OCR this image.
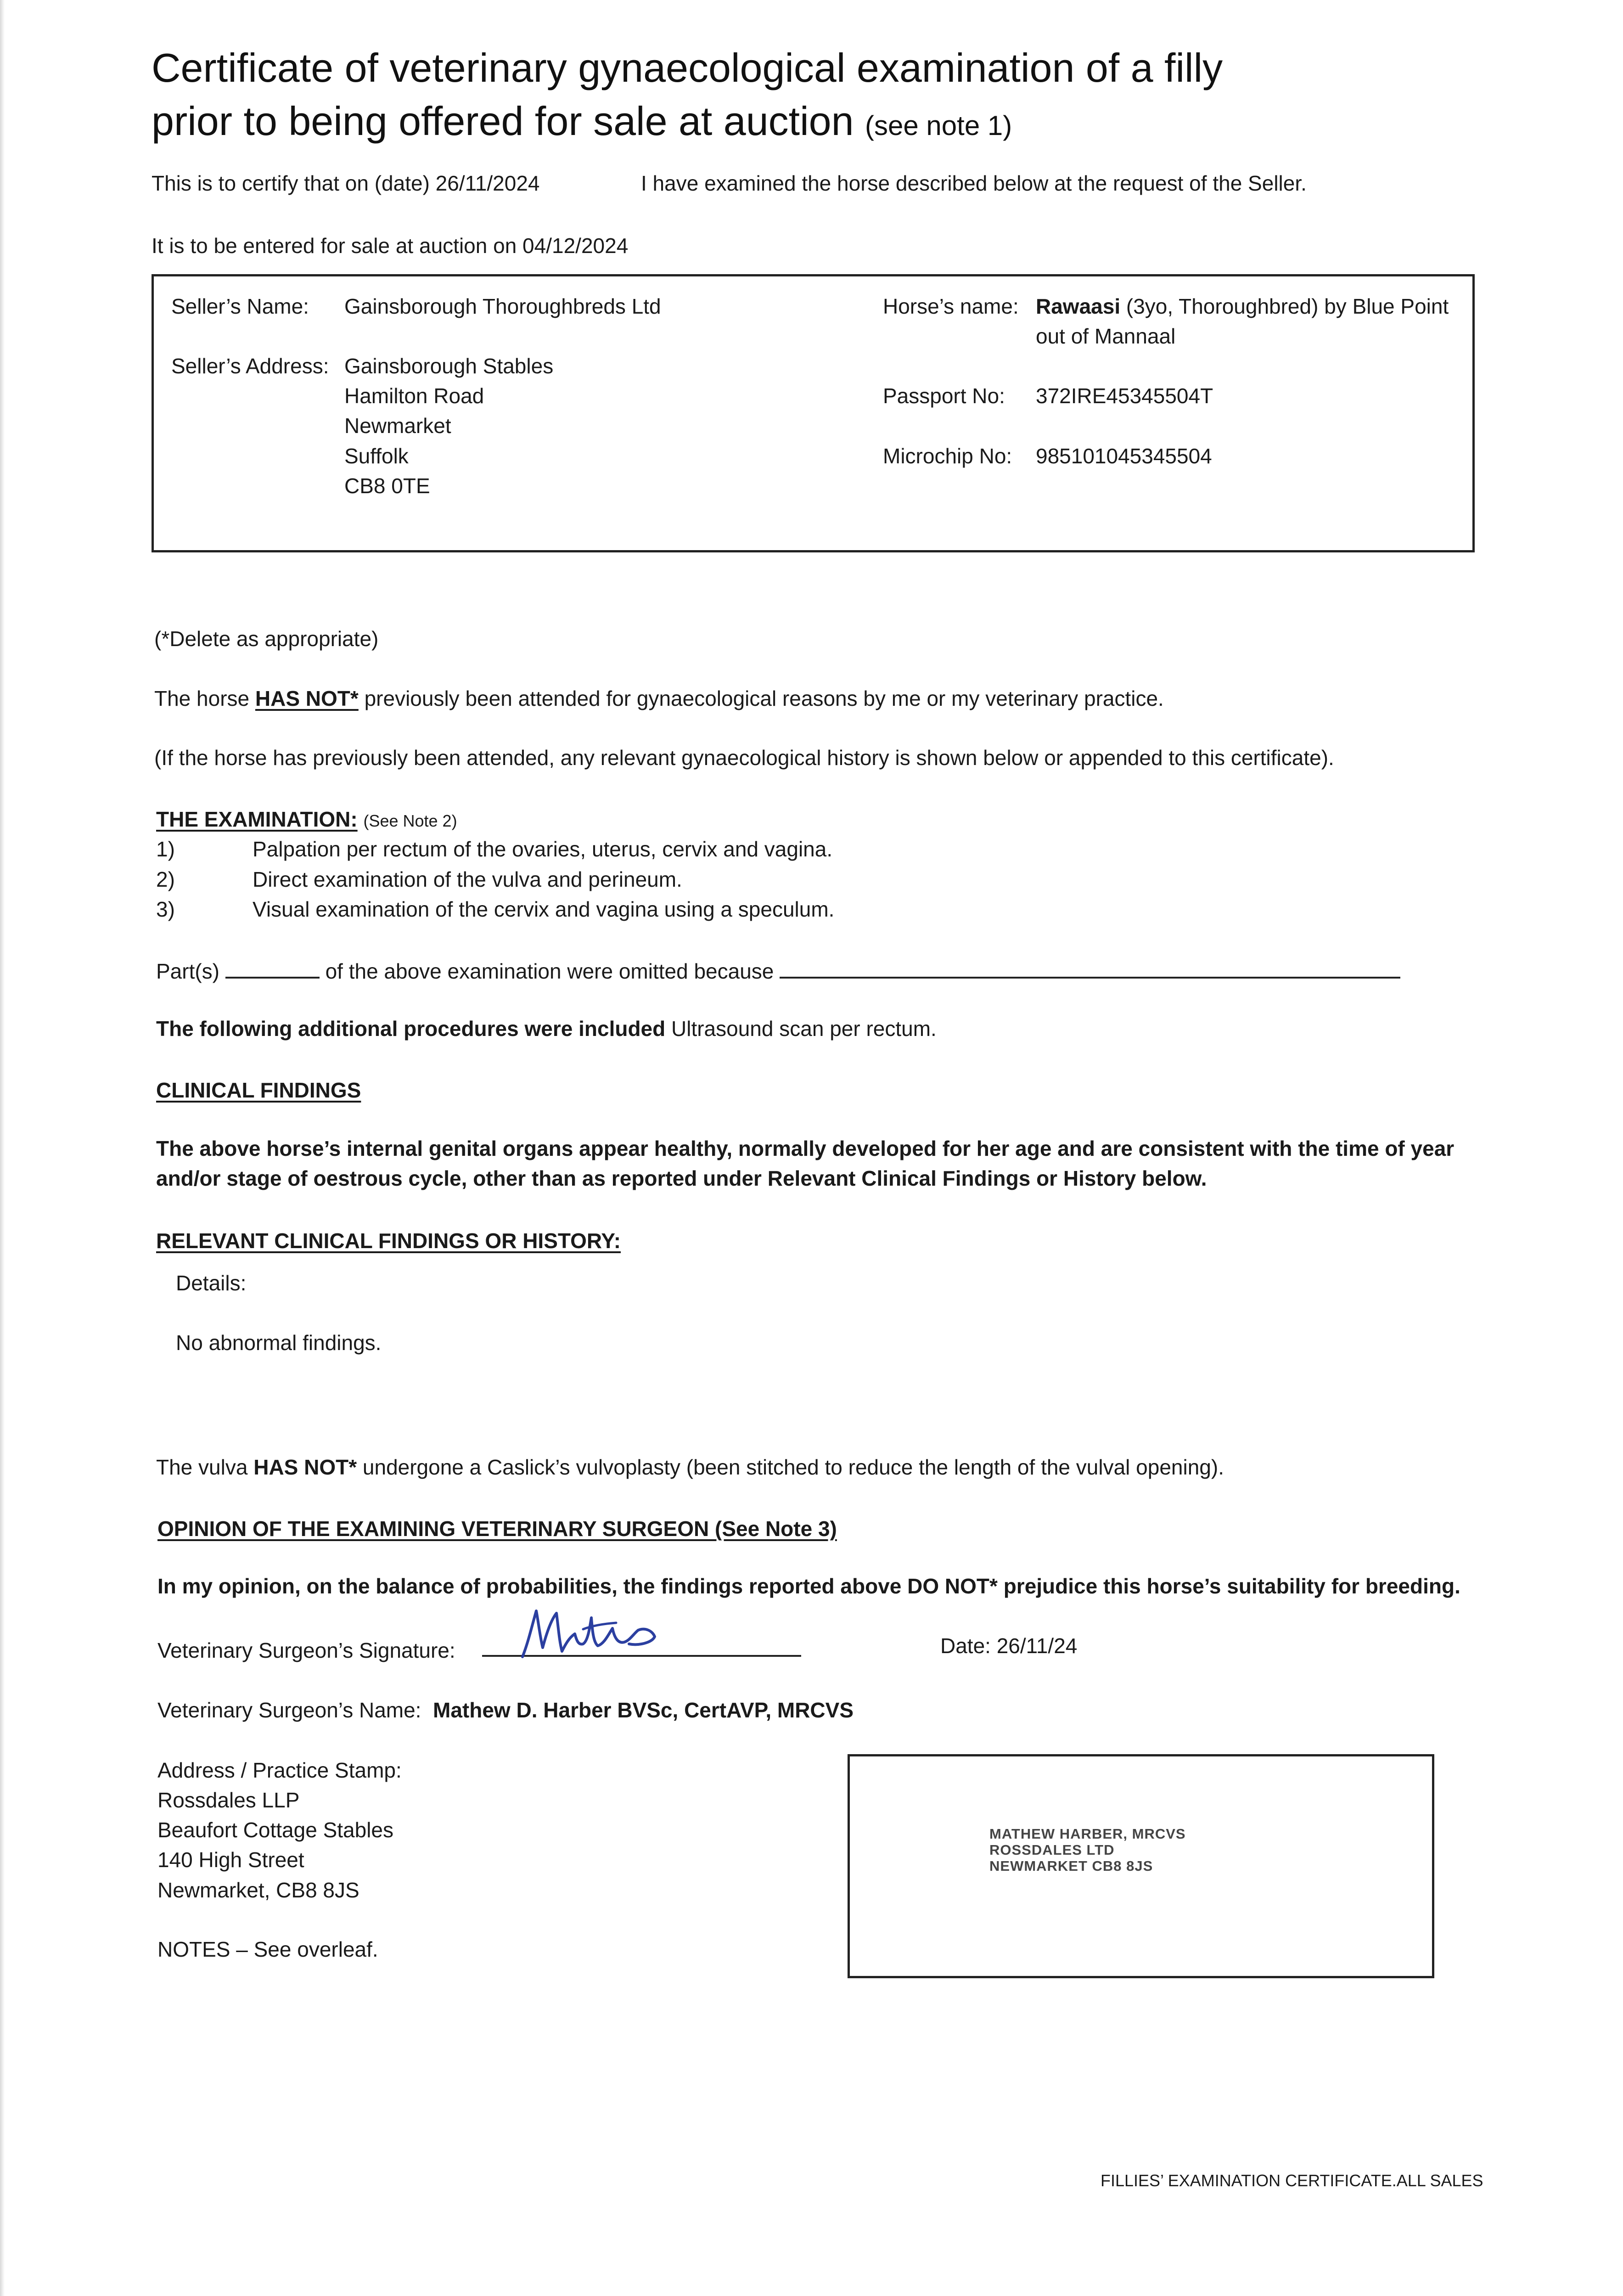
Certificate of veterinary gynaecological examination of a filly
prior to being offered for sale at auction (see note 1)
This is to certify that on (date) 26/11/2024	I have examined the horse described below at the request of the Seller.
It is to be entered for sale at auction on 04/12/2024
Seller’s Name: Gainsborough Thoroughbreds Ltd
Seller’s Address: Gainsborough Stables
Hamilton Road
Newmarket
Suffolk
CB8 0TE
Horse’s name: Rawaasi (3yo, Thoroughbred) by Blue Point
out of Mannaal
Passport No: 372IRE45345504T
Microchip No: 985101045345504
(*Delete as appropriate)
The horse HAS NOT* previously been attended for gynaecological reasons by me or my veterinary practice.
(If the horse has previously been attended, any relevant gynaecological history is shown below or appended to this certificate).
THE EXAMINATION: (See Note 2)
1)	Palpation per rectum of the ovaries, uterus, cervix and vagina.
2)	Direct examination of the vulva and perineum.
3)	Visual examination of the cervix and vagina using a speculum.
Part(s)	of the above examination were omitted because
The following additional procedures were included Ultrasound scan per rectum.
CLINICAL FINDINGS
The above horse’s internal genital organs appear healthy, normally developed for her age and are consistent with the time of year
and/or stage of oestrous cycle, other than as reported under Relevant Clinical Findings or History below.
RELEVANT CLINICAL FINDINGS OR HISTORY:
Details:
No abnormal findings.
The vulva HAS NOT* undergone a Caslick’s vulvoplasty (been stitched to reduce the length of the vulval opening).
OPINION OF THE EXAMINING VETERINARY SURGEON (See Note 3)
In my opinion, on the balance of probabilities, the findings reported above DO NOT* prejudice this horse’s suitability for breeding.
Veterinary Surgeon’s Signature:	Date: 26/11/24
Veterinary Surgeon’s Name: Mathew D. Harber BVSc, CertAVP, MRCVS
Address / Practice Stamp:
Rossdales LLP
Beaufort Cottage Stables
140 High Street
Newmarket, CB8 8JS
NOTES – See overleaf.
MATHEW HARBER, MRCVS
ROSSDALES LTD
NEWMARKET CB8 8JS
FILLIES’ EXAMINATION CERTIFICATE.ALL SALES
